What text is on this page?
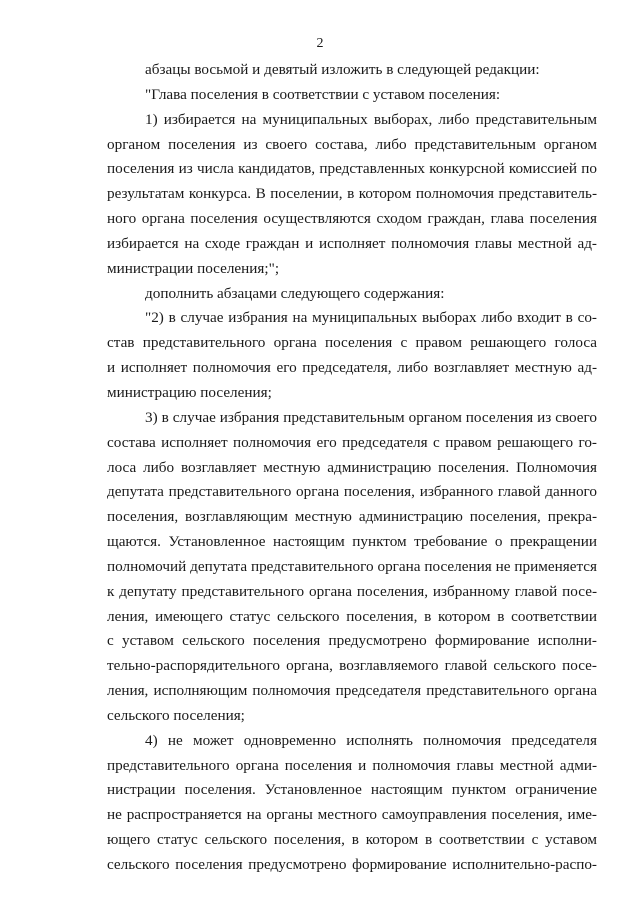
2
абзацы восьмой и девятый изложить в следующей редакции:
"Глава поселения в соответствии с уставом поселения:
1) избирается на муниципальных выборах, либо представительным
органом поселения из своего состава, либо представительным органом
поселения из числа кандидатов, представленных конкурсной комиссией по
результатам конкурса. В поселении, в котором полномочия представитель-
ного органа поселения осуществляются сходом граждан, глава поселения
избирается на сходе граждан и исполняет полномочия главы местной ад-
министрации поселения;";
дополнить абзацами следующего содержания:
"2) в случае избрания на муниципальных выборах либо входит в со-
став представительного органа поселения с правом решающего голоса
и исполняет полномочия его председателя, либо возглавляет местную ад-
министрацию поселения;
3) в случае избрания представительным органом поселения из своего
состава исполняет полномочия его председателя с правом решающего го-
лоса либо возглавляет местную администрацию поселения. Полномочия
депутата представительного органа поселения, избранного главой данного
поселения, возглавляющим местную администрацию поселения, прекра-
щаются. Установленное настоящим пунктом требование о прекращении
полномочий депутата представительного органа поселения не применяется
к депутату представительного органа поселения, избранному главой посе-
ления, имеющего статус сельского поселения, в котором в соответствии
с уставом сельского поселения предусмотрено формирование исполни-
тельно-распорядительного органа, возглавляемого главой сельского посе-
ления, исполняющим полномочия председателя представительного органа
сельского поселения;
4) не может одновременно исполнять полномочия председателя
представительного органа поселения и полномочия главы местной адми-
нистрации поселения. Установленное настоящим пунктом ограничение
не распространяется на органы местного самоуправления поселения, име-
ющего статус сельского поселения, в котором в соответствии с уставом
сельского поселения предусмотрено формирование исполнительно-распо-
